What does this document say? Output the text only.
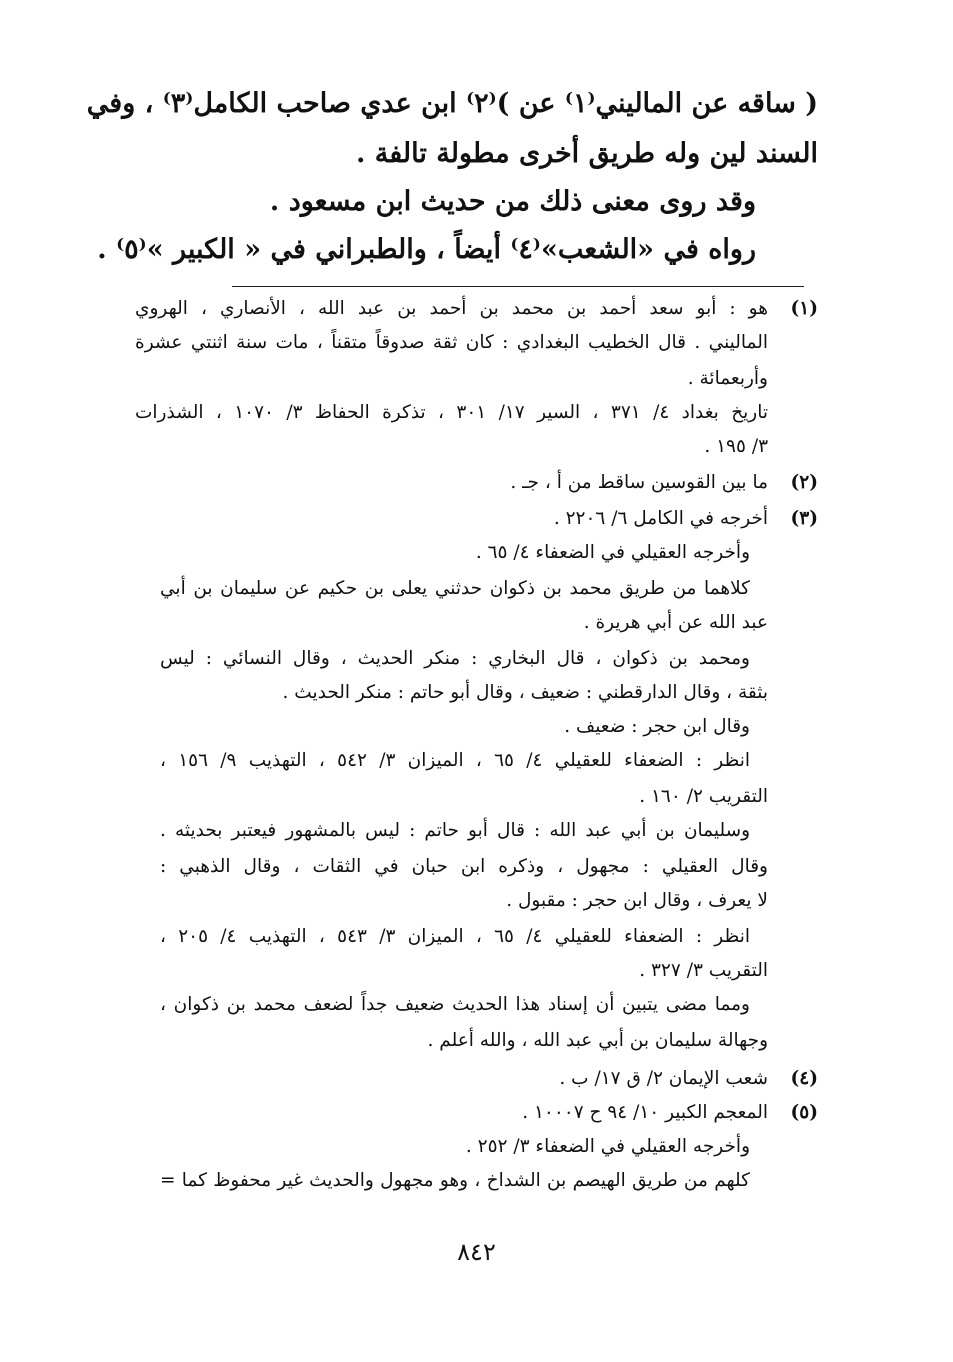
( ساقه عن الماليني⁽١⁾ عن )⁽٢⁾ ابن عدي صاحب الكامل⁽٣⁾ ، وفي
السند لين وله طريق أخرى مطولة تالفة .
وقد روى معنى ذلك من حديث ابن مسعود .
رواه في «الشعب»⁽٤⁾ أيضاً ، والطبراني في « الكبير »⁽٥⁾ .
(١)
(٢)
(٣)
(٤)
(٥)
هو : أبو سعد أحمد بن محمد بن أحمد بن عبد الله ، الأنصاري ، الهروي
الماليني . قال الخطيب البغدادي : كان ثقة صدوقاً متقناً ، مات سنة اثنتي عشرة
وأربعمائة .
تاريخ بغداد ٤/ ٣٧١ ، السير ١٧/ ٣٠١ ، تذكرة الحفاظ ٣/ ١٠٧٠ ، الشذرات
٣/ ١٩٥ .
ما بين القوسين ساقط من أ ، جـ .
أخرجه في الكامل ٦/ ٢٢٠٦ .
وأخرجه العقيلي في الضعفاء ٤/ ٦٥ .
كلاهما من طريق محمد بن ذكوان حدثني يعلى بن حكيم عن سليمان بن أبي
عبد الله عن أبي هريرة .
ومحمد بن ذكوان ، قال البخاري : منكر الحديث ، وقال النسائي : ليس
بثقة ، وقال الدارقطني : ضعيف ، وقال أبو حاتم : منكر الحديث .
وقال ابن حجر : ضعيف .
انظر : الضعفاء للعقيلي ٤/ ٦٥ ، الميزان ٣/ ٥٤٢ ، التهذيب ٩/ ١٥٦ ،
التقريب ٢/ ١٦٠ .
وسليمان بن أبي عبد الله : قال أبو حاتم : ليس بالمشهور فيعتبر بحديثه .
وقال العقيلي : مجهول ، وذكره ابن حبان في الثقات ، وقال الذهبي :
لا يعرف ، وقال ابن حجر : مقبول .
انظر : الضعفاء للعقيلي ٤/ ٦٥ ، الميزان ٣/ ٥٤٣ ، التهذيب ٤/ ٢٠٥ ،
التقريب ٣/ ٣٢٧ .
ومما مضى يتبين أن إسناد هذا الحديث ضعيف جداً لضعف محمد بن ذكوان ،
وجهالة سليمان بن أبي عبد الله ، والله أعلم .
شعب الإيمان ٢/ ق ١٧/ ب .
المعجم الكبير ١٠/ ٩٤ ح ١٠٠٠٧ .
وأخرجه العقيلي في الضعفاء ٣/ ٢٥٢ .
كلهم من طريق الهيصم بن الشداخ ، وهو مجهول والحديث غير محفوظ كما =
٨٤٢
